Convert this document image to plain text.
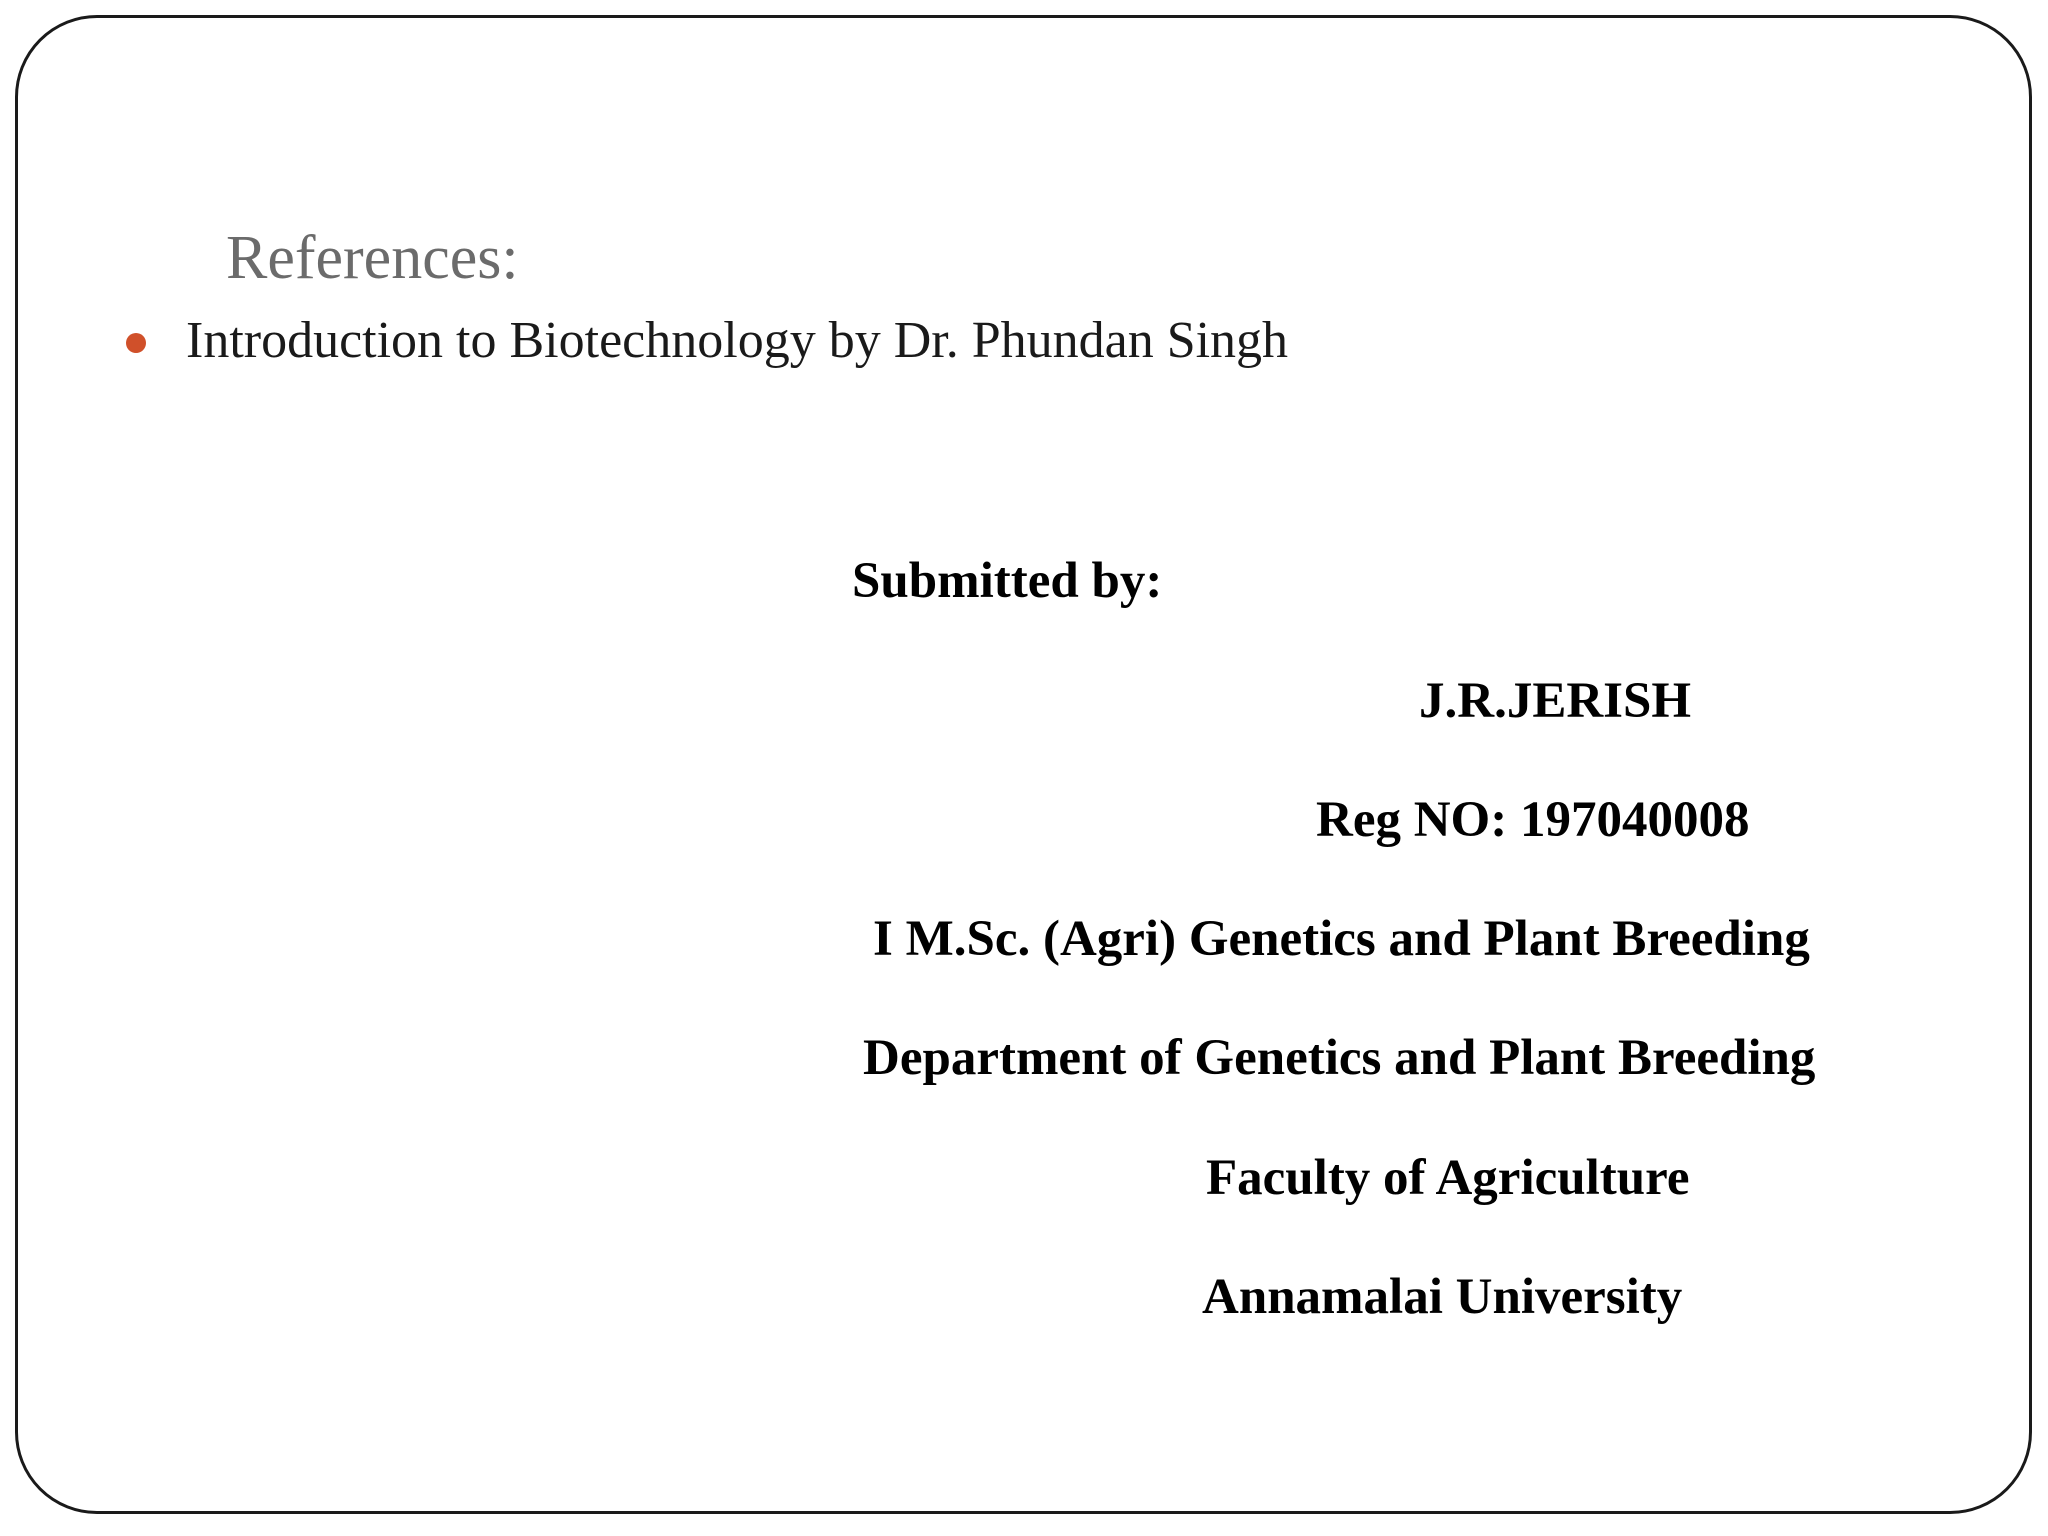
References:
Introduction to Biotechnology by Dr. Phundan Singh
Submitted by:
J.R.JERISH
Reg NO: 197040008
I M.Sc. (Agri) Genetics and Plant Breeding
Department of Genetics and Plant Breeding
Faculty of Agriculture
Annamalai University
